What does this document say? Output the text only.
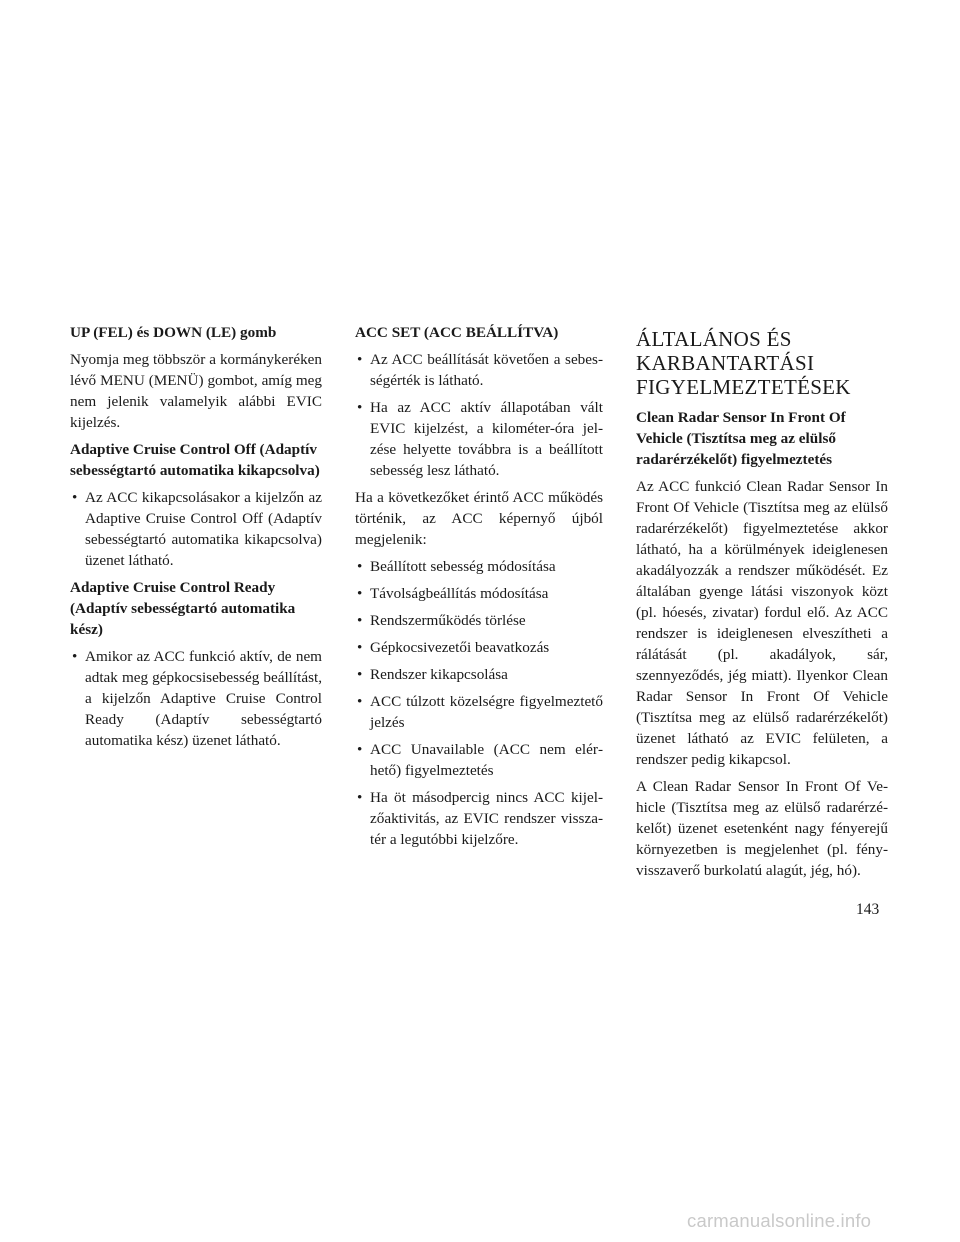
UP (FEL) és DOWN (LE) gomb

Nyomja meg többször a kormánykeréken lévő MENU (MENÜ) gombot, amíg meg nem jelenik valamelyik alábbi EVIC kijelzés.

Adaptive Cruise Control Off (Adaptív sebességtartó automatika kikapcsolva)
• Az ACC kikapcsolásakor a kijelzőn az Adaptive Cruise Control Off (Adaptív sebességtartó automatika kikapcsolva) üzenet látható.
Adaptive Cruise Control Ready (Adaptív sebességtartó automatika kész)
• Amikor az ACC funkció aktív, de nem adtak meg gépkocsisebesség beállítást, a kijelzőn Adaptive Cruise Control Ready (Adaptív sebességtartó automatika kész) üzenet látható.
ACC SET (ACC BEÁLLÍTVA)
• Az ACC beállítását követően a sebességérték is látható.
• Ha az ACC aktív állapotában vált EVIC kijelzést, a kilométer-óra jelzése helyette továbbra is a beállított sebesség lesz látható.

Ha a következőket érintő ACC működés történik, az ACC képernyő újból megjelenik:

• Beállított sebesség módosítása
• Távolságbeállítás módosítása
• Rendszerműködés törlése
• Gépkocsivezetői beavatkozás
• Rendszer kikapcsolása
• ACC túlzott közelségre figyelmeztető jelzés
• ACC Unavailable (ACC nem elérhető) figyelmeztetés
• Ha öt másodpercig nincs ACC kijelzőaktivitás, az EVIC rendszer visszatér a legutóbbi kijelzőre.
ÁLTALÁNOS ÉS
KARBANTARTÁSI
FIGYELMEZTETÉSEK
Clean Radar Sensor In Front Of Vehicle (Tisztítsa meg az elülső radarérzékelőt) figyelmeztetés

Az ACC funkció Clean Radar Sensor In Front Of Vehicle (Tisztítsa meg az elülső radarérzékelőt) figyelmeztetése akkor látható, ha a körülmények ideiglenesen akadályozzák a rendszer működését. Ez általában gyenge látási viszonyok közt (pl. hóesés, zivatar) fordul elő. Az ACC rendszer is ideiglenesen elveszítheti a rálátását (pl. akadályok, sár, szennyeződés, jég miatt). Ilyenkor Clean Radar Sensor In Front Of Vehicle (Tisztítsa meg az elülső radarérzékelőt) üzenet látható az EVIC felületen, a rendszer pedig kikapcsol.

A Clean Radar Sensor In Front Of Vehicle (Tisztítsa meg az elülső radarérzékelőt) üzenet esetenként nagy fényerejű környezetben is megjelenhet (pl. fényvisszaverő burkolatú alagút, jég, hó).

143
carmanualsonline.info
